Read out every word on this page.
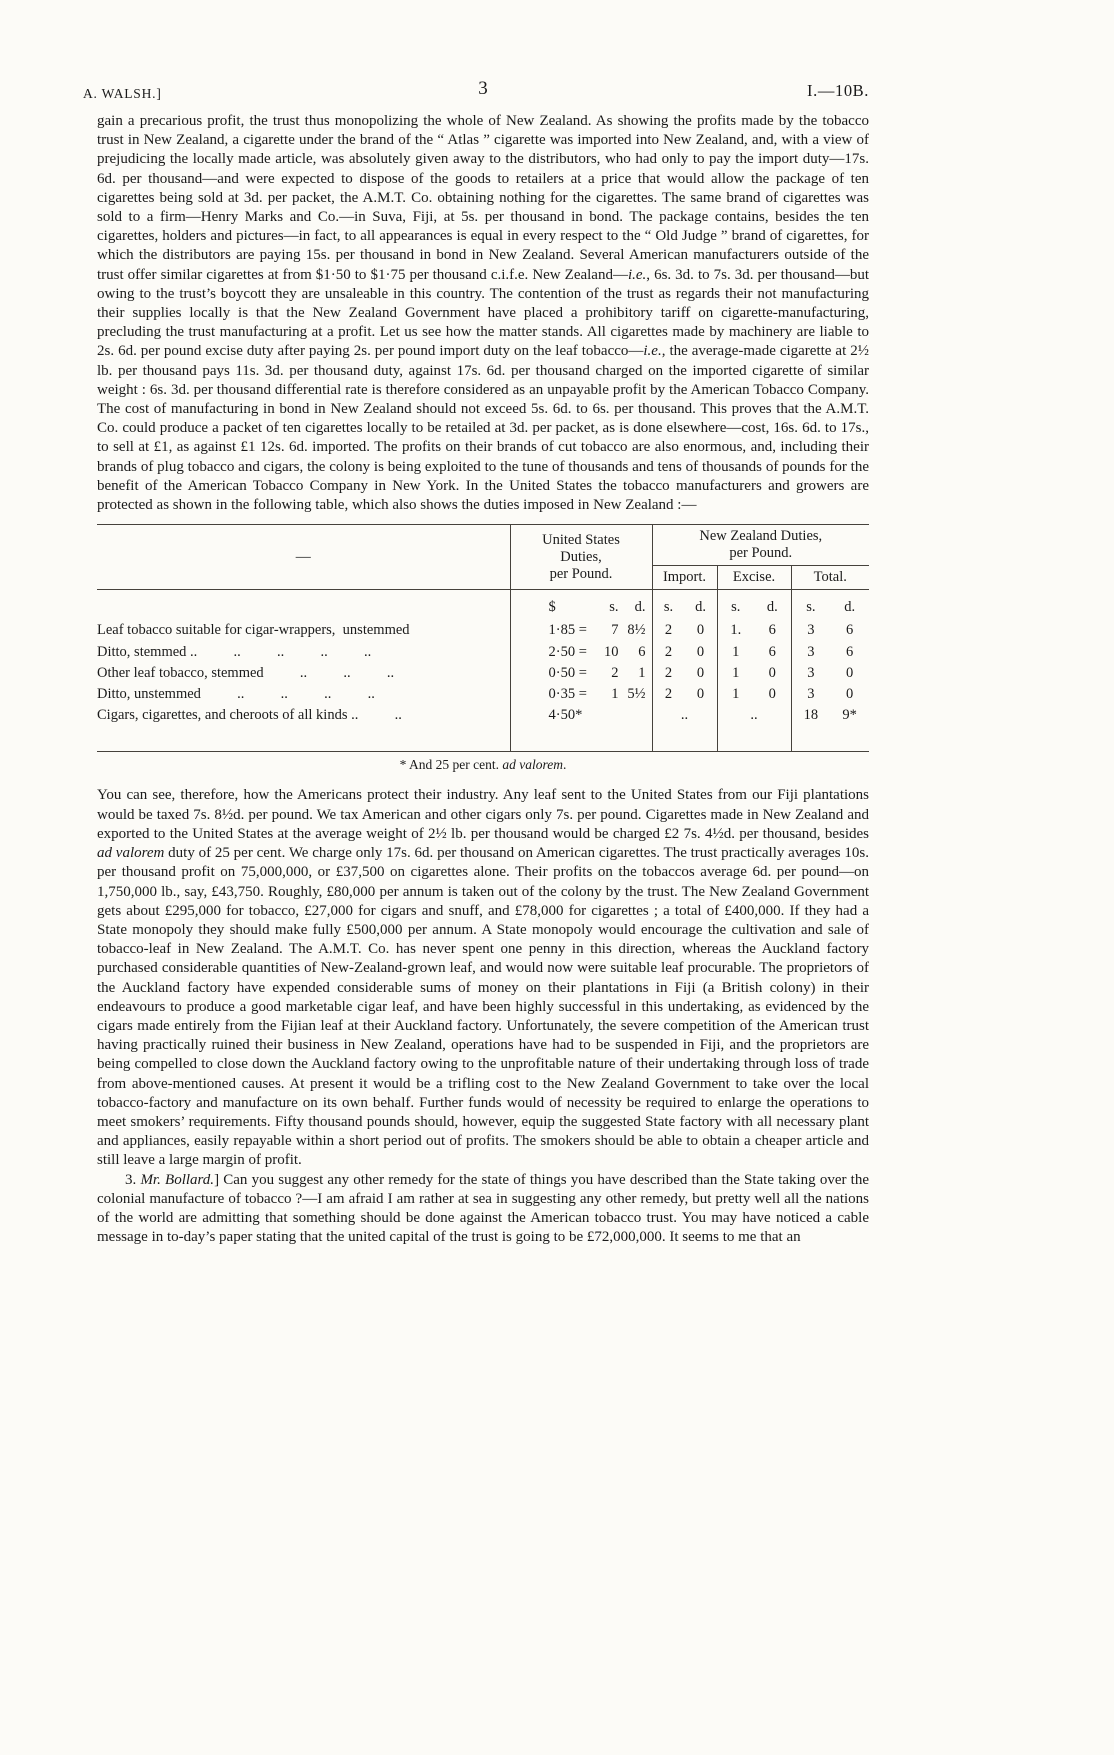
A. WALSH.]	3	I.—10B.

gain a precarious profit, the trust thus monopolizing the whole of New Zealand. As showing the profits made by the tobacco trust in New Zealand, a cigarette under the brand of the “ Atlas ” cigarette was imported into New Zealand, and, with a view of prejudicing the locally made article, was absolutely given away to the distributors, who had only to pay the import duty—17s. 6d. per thousand—and were expected to dispose of the goods to retailers at a price that would allow the package of ten cigarettes being sold at 3d. per packet, the A.M.T. Co. obtaining nothing for the cigarettes. The same brand of cigarettes was sold to a firm—Henry Marks and Co.—in Suva, Fiji, at 5s. per thousand in bond. The package contains, besides the ten cigarettes, holders and pictures—in fact, to all appearances is equal in every respect to the “ Old Judge ” brand of cigarettes, for which the distributors are paying 15s. per thousand in bond in New Zealand. Several American manufacturers outside of the trust offer similar cigarettes at from $1·50 to $1·75 per thousand c.i.f.e. New Zealand—i.e., 6s. 3d. to 7s. 3d. per thousand—but owing to the trust’s boycott they are unsaleable in this country. The contention of the trust as regards their not manufacturing their supplies locally is that the New Zealand Government have placed a prohibitory tariff on cigarette-manufacturing, precluding the trust manufacturing at a profit. Let us see how the matter stands. All cigarettes made by machinery are liable to 2s. 6d. per pound excise duty after paying 2s. per pound import duty on the leaf tobacco—i.e., the average-made cigarette at 2½ lb. per thousand pays 11s. 3d. per thousand duty, against 17s. 6d. per thousand charged on the imported cigarette of similar weight : 6s. 3d. per thousand differential rate is therefore considered as an unpayable profit by the American Tobacco Company. The cost of manufacturing in bond in New Zealand should not exceed 5s. 6d. to 6s. per thousand. This proves that the A.M.T. Co. could produce a packet of ten cigarettes locally to be retailed at 3d. per packet, as is done elsewhere—cost, 16s. 6d. to 17s., to sell at £1, as against £1 12s. 6d. imported. The profits on their brands of cut tobacco are also enormous, and, including their brands of plug tobacco and cigars, the colony is being exploited to the tune of thousands and tens of thousands of pounds for the benefit of the American Tobacco Company in New York. In the United States the tobacco manufacturers and growers are protected as shown in the following table, which also shows the duties imposed in New Zealand :—

—	United States
Duties,
per Pound.	New Zealand Duties,
per Pound.		
		Import.	Excise.	Total.

	$ s. d.	s. d.	s. d.	s. d.

Leaf tobacco suitable for cigar-wrappers,  unstemmed	1·85 = 7 8½	2 0	1. 6	3 6

Ditto, stemmed ..          ..          ..          ..          ..	2·50 = 10 6	2 0	1 6	3 6

Other leaf tobacco, stemmed          ..          ..          ..	0·50 = 2 1	2 0	1 0	3 0

Ditto, unstemmed          ..          ..          ..          ..	0·35 = 1 5½	2 0	1 0	3 0

Cigars, cigarettes, and cheroots of all kinds ..          ..	4·50*	..	..	18 9*
* And 25 per cent. ad valorem.

You can see, therefore, how the Americans protect their industry. Any leaf sent to the United States from our Fiji plantations would be taxed 7s. 8½d. per pound. We tax American and other cigars only 7s. per pound. Cigarettes made in New Zealand and exported to the United States at the average weight of 2½ lb. per thousand would be charged £2 7s. 4½d. per thousand, besides ad valorem duty of 25 per cent. We charge only 17s. 6d. per thousand on American cigarettes. The trust practically averages 10s. per thousand profit on 75,000,000, or £37,500 on cigarettes alone. Their profits on the tobaccos average 6d. per pound—on 1,750,000 lb., say, £43,750. Roughly, £80,000 per annum is taken out of the colony by the trust. The New Zealand Government gets about £295,000 for tobacco, £27,000 for cigars and snuff, and £78,000 for cigarettes ; a total of £400,000. If they had a State monopoly they should make fully £500,000 per annum. A State monopoly would encourage the cultivation and sale of tobacco-leaf in New Zealand. The A.M.T. Co. has never spent one penny in this direction, whereas the Auckland factory purchased considerable quantities of New-Zealand-grown leaf, and would now were suitable leaf procurable. The proprietors of the Auckland factory have expended considerable sums of money on their plantations in Fiji (a British colony) in their endeavours to produce a good marketable cigar leaf, and have been highly successful in this undertaking, as evidenced by the cigars made entirely from the Fijian leaf at their Auckland factory. Unfortunately, the severe competition of the American trust having practically ruined their business in New Zealand, operations have had to be suspended in Fiji, and the proprietors are being compelled to close down the Auckland factory owing to the unprofitable nature of their undertaking through loss of trade from above-mentioned causes. At present it would be a trifling cost to the New Zealand Government to take over the local tobacco-factory and manufacture on its own behalf. Further funds would of necessity be required to enlarge the operations to meet smokers’ requirements. Fifty thousand pounds should, however, equip the suggested State factory with all necessary plant and appliances, easily repayable within a short period out of profits. The smokers should be able to obtain a cheaper article and still leave a large margin of profit.

3. Mr. Bollard.] Can you suggest any other remedy for the state of things you have described than the State taking over the colonial manufacture of tobacco ?—I am afraid I am rather at sea in suggesting any other remedy, but pretty well all the nations of the world are admitting that something should be done against the American tobacco trust. You may have noticed a cable message in to-day’s paper stating that the united capital of the trust is going to be £72,000,000. It seems to me that an
